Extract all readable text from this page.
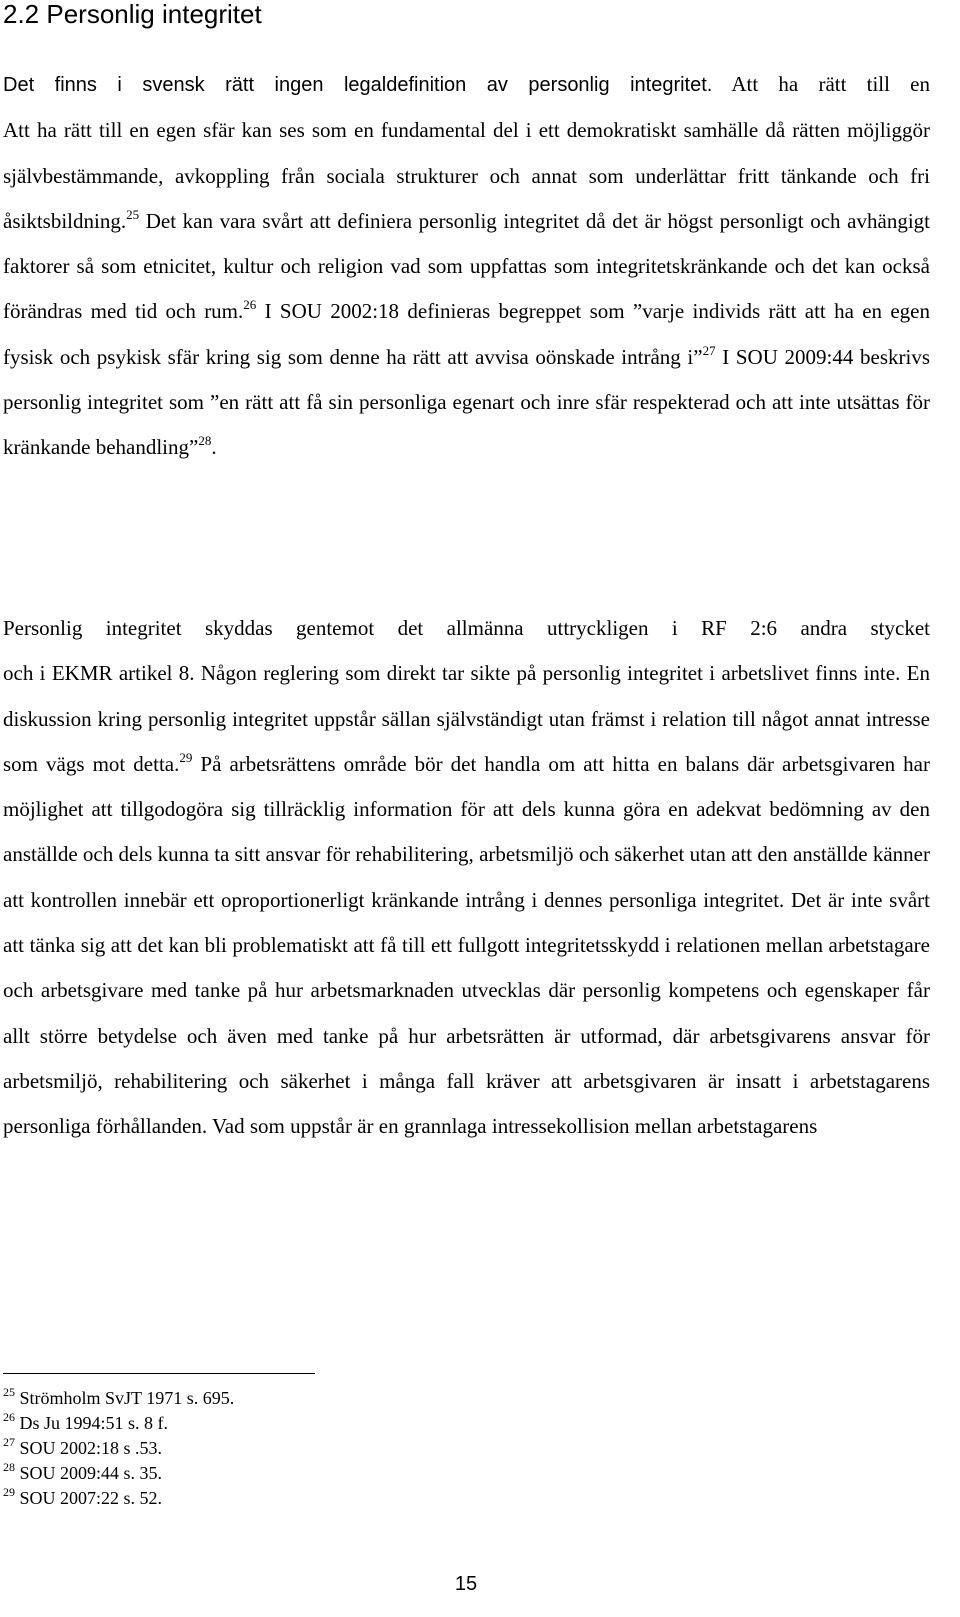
2.2 Personlig integritet

Det finns i svensk rätt ingen legaldefinition av personlig integritet. Att ha rätt till en
Att ha rätt till en egen sfär kan ses som en fundamental del i ett demokratiskt samhälle då rätten möjliggör självbestämmande, avkoppling från sociala strukturer och annat som underlättar fritt tänkande och fri åsiktsbildning.$^{25}$ Det kan vara svårt att definiera personlig integritet då det är högst personligt och avhängigt faktorer så som etnicitet, kultur och religion vad som uppfattas som integritetskränkande och det kan också förändras med tid och rum.$^{26}$ I SOU 2002:18 definieras begreppet som ”varje individs rätt att ha en egen fysisk och psykisk sfär kring sig som denne ha rätt att avvisa oönskade intrång i”$^{27}$ I SOU 2009:44 beskrivs personlig integritet som ”en rätt att få sin personliga egenart och inre sfär respekterad och att inte utsättas för kränkande behandling”$^{28}$.

Personlig integritet skyddas gentemot det allmänna uttryckligen i RF 2:6 andra stycket
och i EKMR artikel 8. Någon reglering som direkt tar sikte på personlig integritet i arbetslivet finns inte. En diskussion kring personlig integritet uppstår sällan självständigt utan främst i relation till något annat intresse som vägs mot detta.$^{29}$ På arbetsrättens område bör det handla om att hitta en balans där arbetsgivaren har möjlighet att tillgodogöra sig tillräcklig information för att dels kunna göra en adekvat bedömning av den anställde och dels kunna ta sitt ansvar för rehabilitering, arbetsmiljö och säkerhet utan att den anställde känner att kontrollen innebär ett oproportionerligt kränkande intrång i dennes personliga integritet. Det är inte svårt att tänka sig att det kan bli problematiskt att få till ett fullgott integritetsskydd i relationen mellan arbetstagare och arbetsgivare med tanke på hur arbetsmarknaden utvecklas där personlig kompetens och egenskaper får allt större betydelse och även med tanke på hur arbetsrätten är utformad, där arbetsgivarens ansvar för arbetsmiljö, rehabilitering och säkerhet i många fall kräver att arbetsgivaren är insatt i arbetstagarens personliga förhållanden. Vad som uppstår är en grannlaga intressekollision mellan arbetstagarens

$^{25}$ Strömholm SvJT 1971 s. 695.
$^{26}$ Ds Ju 1994:51 s. 8 f.
$^{27}$ SOU 2002:18 s .53.
$^{28}$ SOU 2009:44 s. 35.
$^{29}$ SOU 2007:22 s. 52.
15
